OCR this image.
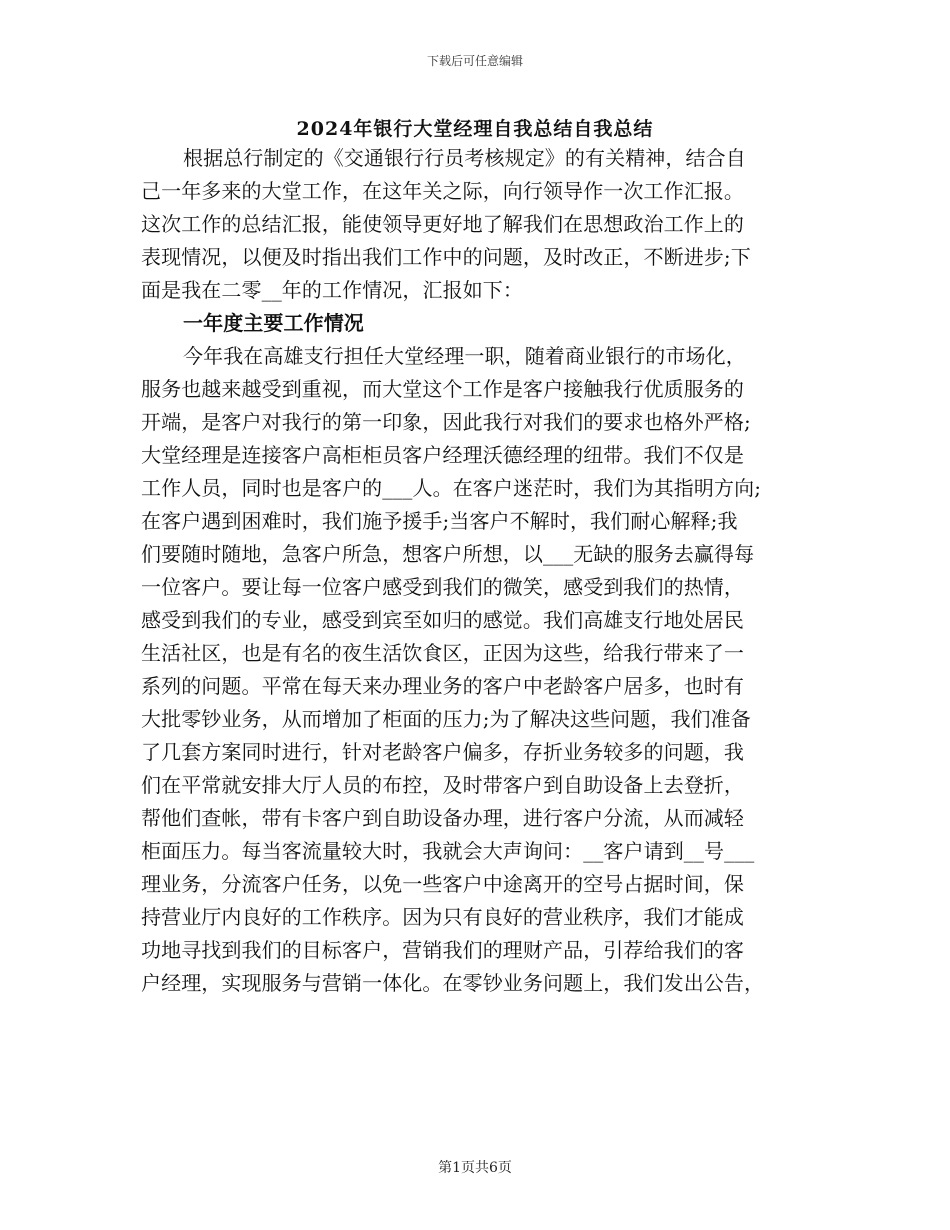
下载后可任意编辑
2024年银行大堂经理自我总结自我总结
根据总行制定的《交通银行行员考核规定》的有关精神，结合自
己一年多来的大堂工作，在这年关之际，向行领导作一次工作汇报。
这次工作的总结汇报，能使领导更好地了解我们在思想政治工作上的
表现情况，以便及时指出我们工作中的问题，及时改正，不断进步;下
面是我在二零__年的工作情况，汇报如下：
一年度主要工作情况
今年我在高雄支行担任大堂经理一职，随着商业银行的市场化，
服务也越来越受到重视，而大堂这个工作是客户接触我行优质服务的
开端，是客户对我行的第一印象，因此我行对我们的要求也格外严格;
大堂经理是连接客户高柜柜员客户经理沃德经理的纽带。我们不仅是
工作人员，同时也是客户的___人。在客户迷茫时，我们为其指明方向;
在客户遇到困难时，我们施予援手;当客户不解时，我们耐心解释;我
们要随时随地，急客户所急，想客户所想，以___无缺的服务去赢得每
一位客户。要让每一位客户感受到我们的微笑，感受到我们的热情，
感受到我们的专业，感受到宾至如归的感觉。我们高雄支行地处居民
生活社区，也是有名的夜生活饮食区，正因为这些，给我行带来了一
系列的问题。平常在每天来办理业务的客户中老龄客户居多，也时有
大批零钞业务，从而增加了柜面的压力;为了解决这些问题，我们准备
了几套方案同时进行，针对老龄客户偏多，存折业务较多的问题，我
们在平常就安排大厅人员的布控，及时带客户到自助设备上去登折，
帮他们查帐，带有卡客户到自助设备办理，进行客户分流，从而减轻
柜面压力。每当客流量较大时，我就会大声询问：__客户请到__号___
理业务，分流客户任务，以免一些客户中途离开的空号占据时间，保
持营业厅内良好的工作秩序。因为只有良好的营业秩序，我们才能成
功地寻找到我们的目标客户，营销我们的理财产品，引荐给我们的客
户经理，实现服务与营销一体化。在零钞业务问题上，我们发出公告，
第1页共6页
